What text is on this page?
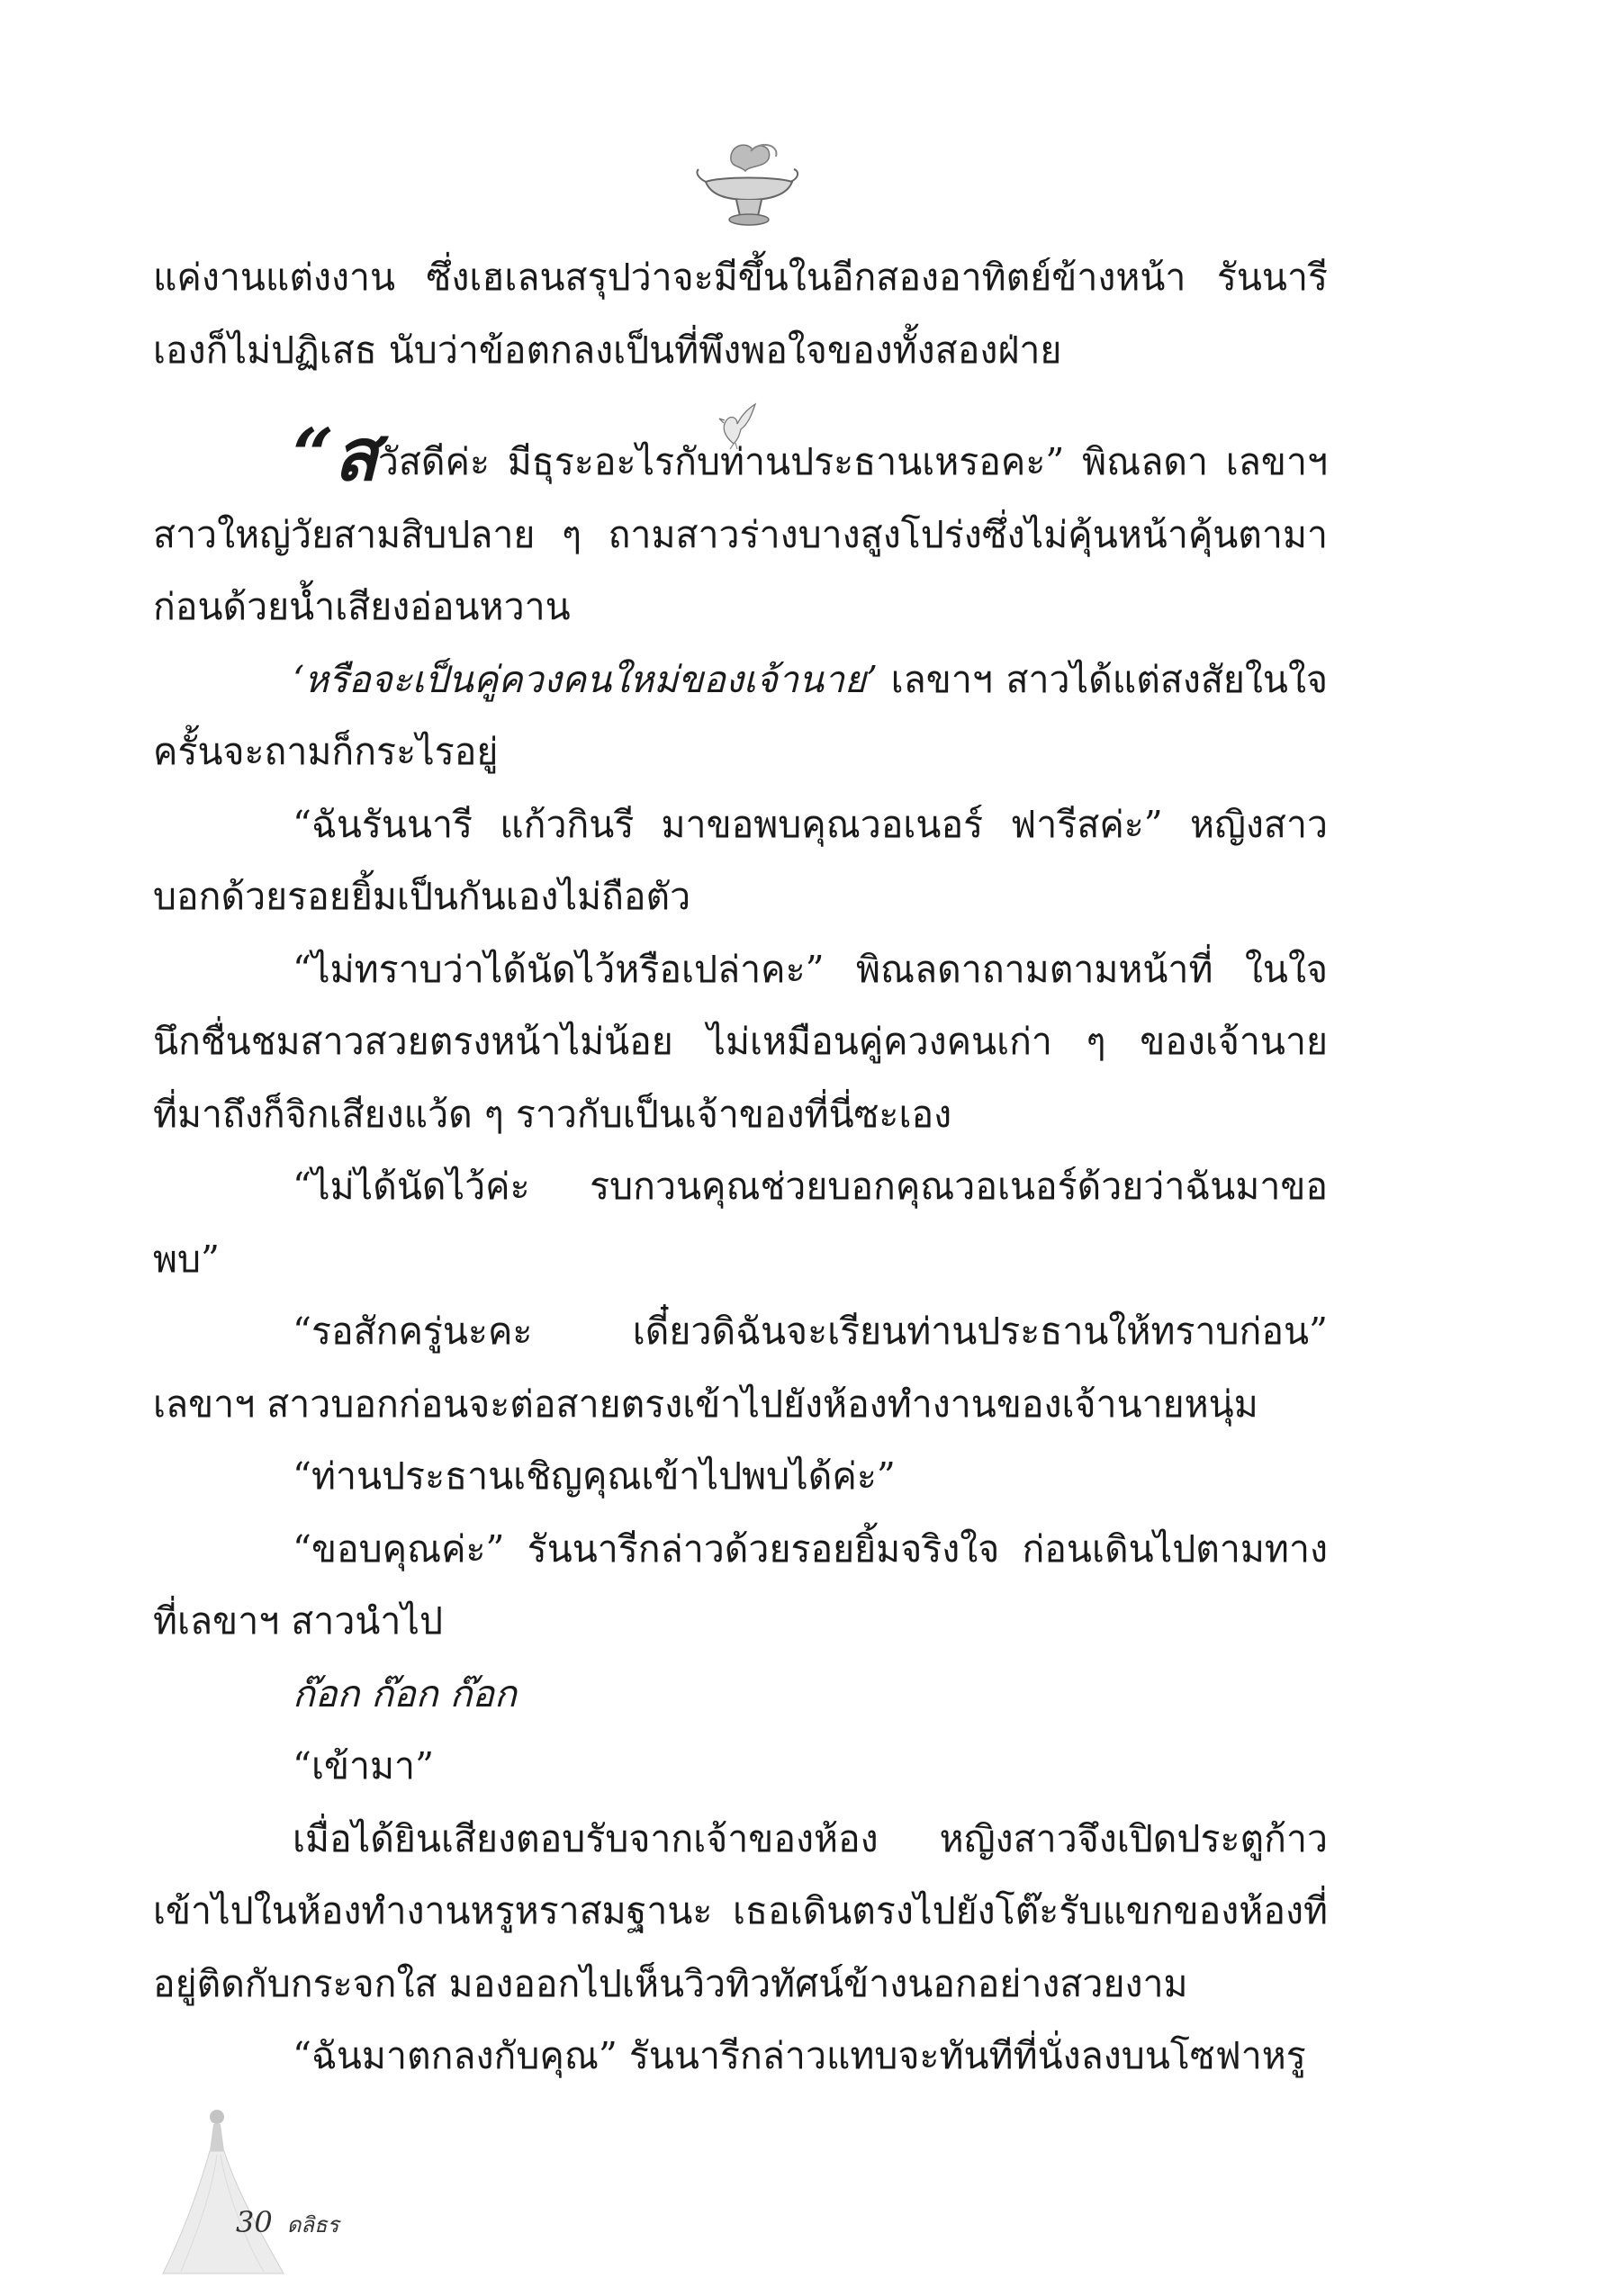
แค่งานแต่งงาน ซึ่งเฮเลนสรุปว่าจะมีขึ้นในอีกสองอาทิตย์ข้างหน้า รันนารีเองก็ไม่ปฏิเสธ นับว่าข้อตกลงเป็นที่พึงพอใจของทั้งสองฝ่าย

“สวัสดีค่ะ มีธุระอะไรกับท่านประธานเหรอคะ” พิณลดา เลขาฯ สาวใหญ่วัยสามสิบปลาย ๆ ถามสาวร่างบางสูงโปร่งซึ่งไม่คุ้นหน้าคุ้นตามาก่อนด้วยน้ำเสียงอ่อนหวาน

‘หรือจะเป็นคู่ควงคนใหม่ของเจ้านาย’ เลขาฯ สาวได้แต่สงสัยในใจครั้นจะถามก็กระไรอยู่

“ฉันรันนารี แก้วกินรี มาขอพบคุณวอเนอร์ ฟารีสค่ะ” หญิงสาวบอกด้วยรอยยิ้มเป็นกันเองไม่ถือตัว

“ไม่ทราบว่าได้นัดไว้หรือเปล่าคะ” พิณลดาถามตามหน้าที่ ในใจนึกชื่นชมสาวสวยตรงหน้าไม่น้อย ไม่เหมือนคู่ควงคนเก่า ๆ ของเจ้านายที่มาถึงก็จิกเสียงแว้ด ๆ ราวกับเป็นเจ้าของที่นี่ซะเอง

“ไม่ได้นัดไว้ค่ะ รบกวนคุณช่วยบอกคุณวอเนอร์ด้วยว่าฉันมาขอพบ”

“รอสักครู่นะคะ เดี๋ยวดิฉันจะเรียนท่านประธานให้ทราบก่อน” เลขาฯ สาวบอกก่อนจะต่อสายตรงเข้าไปยังห้องทำงานของเจ้านายหนุ่ม

“ท่านประธานเชิญคุณเข้าไปพบได้ค่ะ”

“ขอบคุณค่ะ” รันนารีกล่าวด้วยรอยยิ้มจริงใจ ก่อนเดินไปตามทางที่เลขาฯ สาวนำไป

ก๊อก ก๊อก ก๊อก

“เข้ามา”

เมื่อได้ยินเสียงตอบรับจากเจ้าของห้อง หญิงสาวจึงเปิดประตูก้าวเข้าไปในห้องทำงานหรูหราสมฐานะ เธอเดินตรงไปยังโต๊ะรับแขกของห้องที่อยู่ติดกับกระจกใส มองออกไปเห็นวิวทิวทัศน์ข้างนอกอย่างสวยงาม

“ฉันมาตกลงกับคุณ” รันนารีกล่าวแทบจะทันทีที่นั่งลงบนโซฟาหรู

30 ดลิธร
